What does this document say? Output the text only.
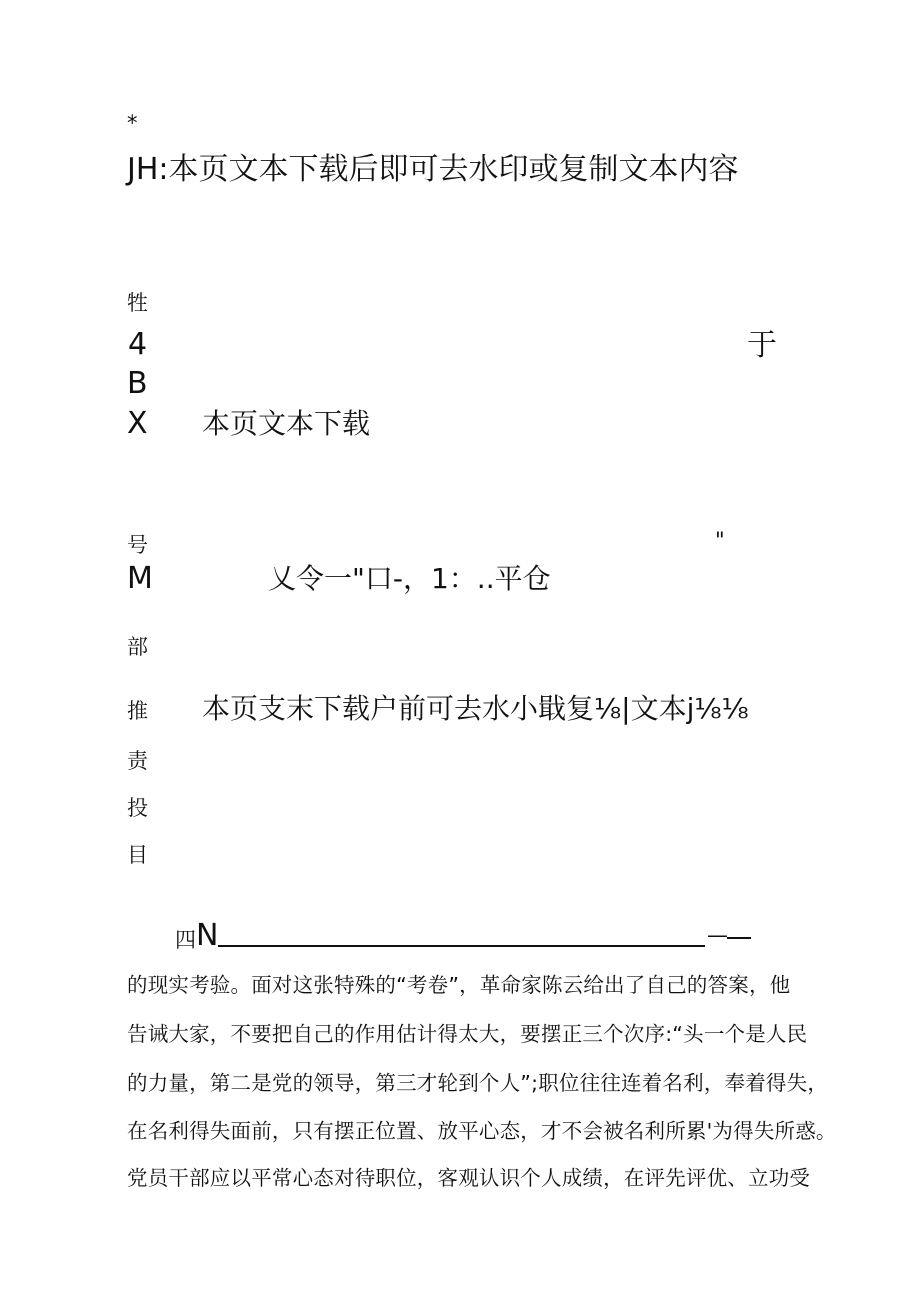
*
JH:本页文本下载后即可去水印或复制文本内容
牲
4	于
B
X 本页文本下载
号	"
M	乂令一"口-，1：..平仓
部
推 本页支末下载户前可去水小戢复⅛|文本j⅛⅛
责
投
目
四 N	—
的现实考验。面对这张特殊的“考卷”，革命家陈云给出了自己的答案，他
告诫大家，不要把自己的作用估计得太大，要摆正三个次序:“头一个是人民
的力量，第二是党的领导，第三才轮到个人”;职位往往连着名利，奉着得失，
在名利得失面前，只有摆正位置、放平心态，才不会被名利所累'为得失所惑。
党员干部应以平常心态对待职位，客观认识个人成绩，在评先评优、立功受
